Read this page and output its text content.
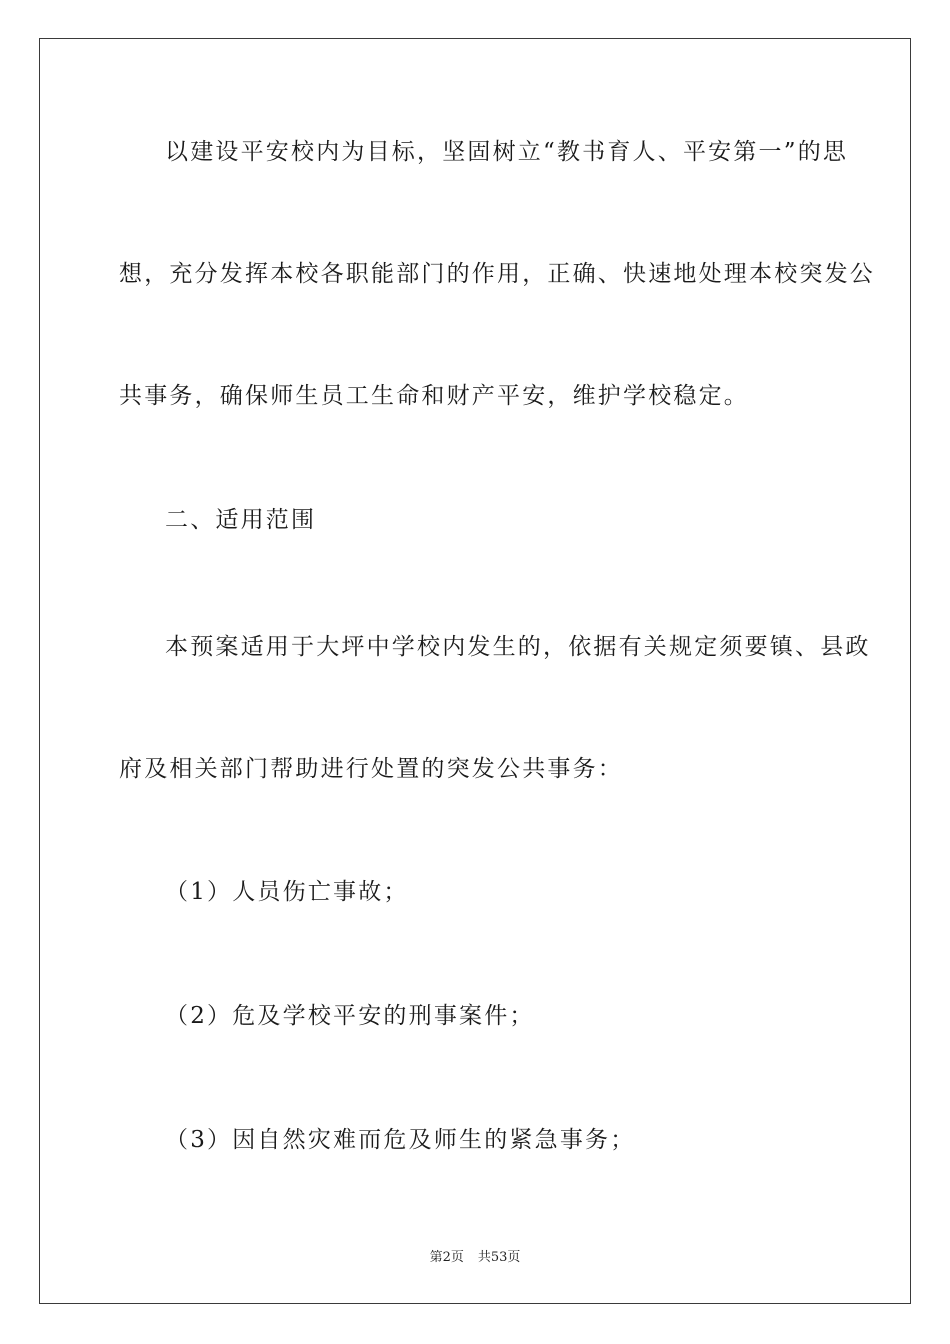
以建设平安校内为目标，坚固树立“教书育人、平安第一”的思
想，充分发挥本校各职能部门的作用，正确、快速地处理本校突发公
共事务，确保师生员工生命和财产平安，维护学校稳定。
二、适用范围
本预案适用于大坪中学校内发生的，依据有关规定须要镇、县政
府及相关部门帮助进行处置的突发公共事务：
（1）人员伤亡事故；
（2）危及学校平安的刑事案件；
（3）因自然灾难而危及师生的紧急事务；
第2页 共53页
